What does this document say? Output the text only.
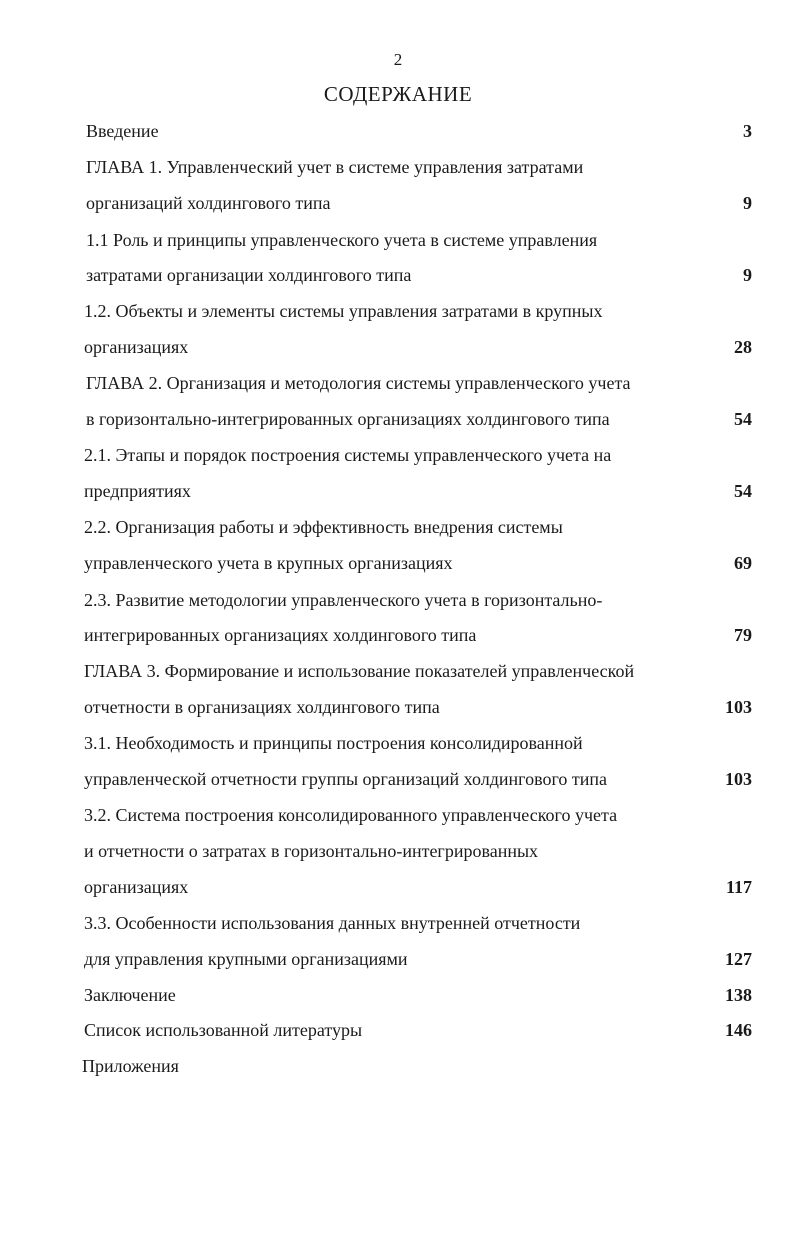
2
СОДЕРЖАНИЕ
Введение	3
ГЛАВА 1. Управленческий учет в системе управления затратами
организаций холдингового типа	9
1.1 Роль и принципы управленческого учета в системе управления
затратами организации холдингового типа	9
1.2. Объекты и элементы системы управления затратами в крупных
организациях	28
ГЛАВА 2. Организация и методология системы управленческого учета
в горизонтально-интегрированных организациях холдингового типа	54
2.1. Этапы и порядок построения системы управленческого учета на
предприятиях	54
2.2. Организация работы и эффективность внедрения системы
управленческого учета в крупных организациях	69
2.3. Развитие методологии управленческого учета в горизонтально-
интегрированных организациях холдингового типа	79
ГЛАВА 3. Формирование и использование показателей управленческой
отчетности в организациях холдингового типа	103
3.1. Необходимость и принципы построения консолидированной
управленческой отчетности группы организаций холдингового типа	103
3.2. Система построения консолидированного управленческого учета
и отчетности о затратах в горизонтально-интегрированных
организациях	117
3.3. Особенности использования данных внутренней отчетности
для управления крупными организациями	127
Заключение	138
Список использованной литературы	146
Приложения
